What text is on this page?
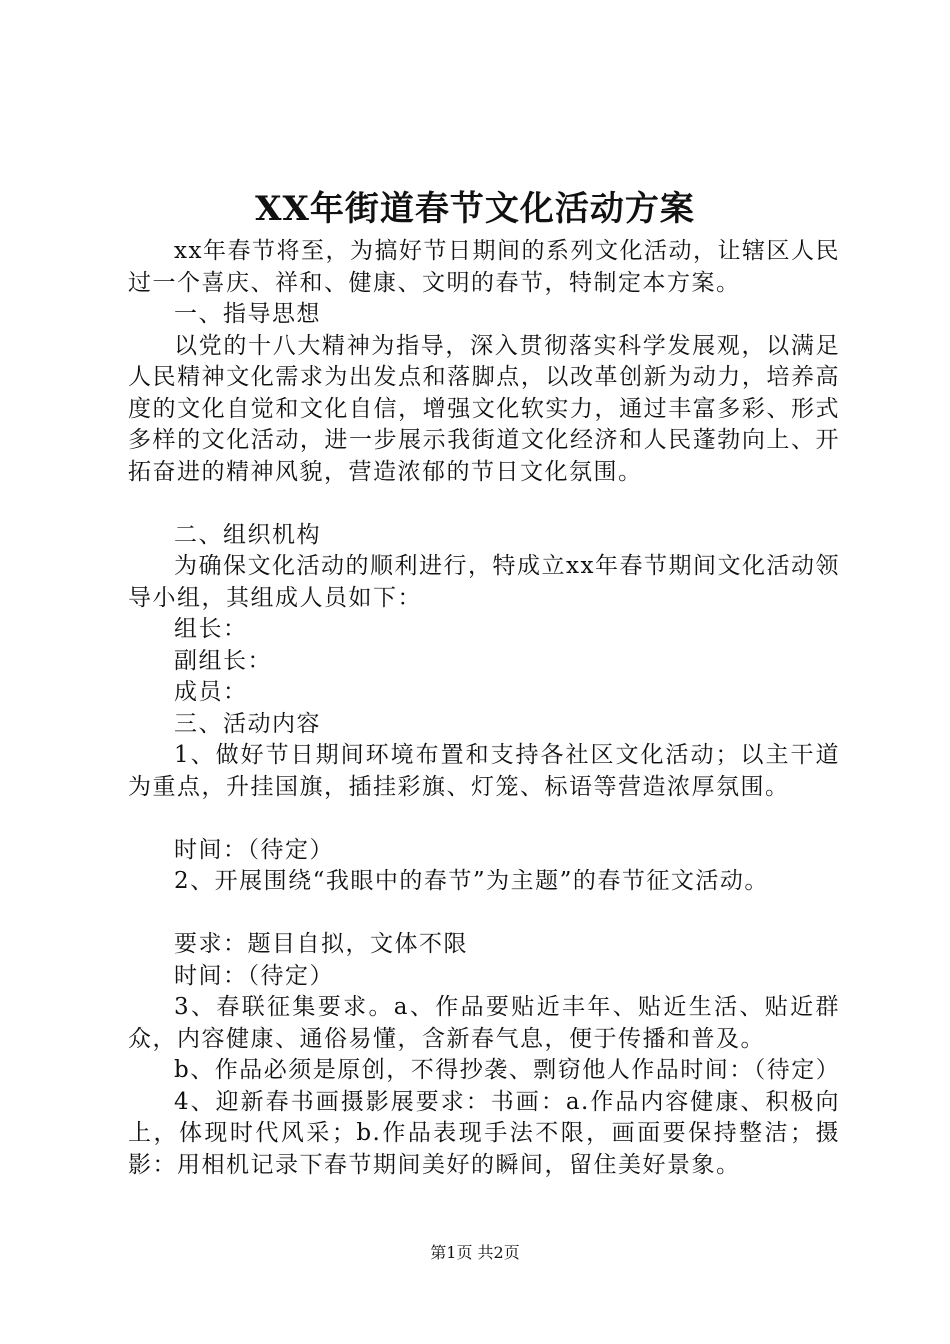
XX年街道春节文化活动方案

xx年春节将至，为搞好节日期间的系列文化活动，让辖区人民过一个喜庆、祥和、健康、文明的春节，特制定本方案。

一、指导思想

以党的十八大精神为指导，深入贯彻落实科学发展观，以满足人民精神文化需求为出发点和落脚点，以改革创新为动力，培养高度的文化自觉和文化自信，增强文化软实力，通过丰富多彩、形式多样的文化活动，进一步展示我街道文化经济和人民蓬勃向上、开拓奋进的精神风貌，营造浓郁的节日文化氛围。

二、组织机构

为确保文化活动的顺利进行，特成立xx年春节期间文化活动领导小组，其组成人员如下：

组长：

副组长：

成员：

三、活动内容

1、做好节日期间环境布置和支持各社区文化活动；以主干道为重点，升挂国旗，插挂彩旗、灯笼、标语等营造浓厚氛围。

时间：（待定）

2、开展围绕“我眼中的春节”为主题”的春节征文活动。

要求：题目自拟，文体不限

时间：（待定）

3、春联征集要求。a、作品要贴近丰年、贴近生活、贴近群众，内容健康、通俗易懂，含新春气息，便于传播和普及。

b、作品必须是原创，不得抄袭、剽窃他人作品时间：（待定）

4、迎新春书画摄影展要求：书画：a.作品内容健康、积极向上，体现时代风采；b.作品表现手法不限，画面要保持整洁；摄影：用相机记录下春节期间美好的瞬间，留住美好景象。

第1页 共2页
